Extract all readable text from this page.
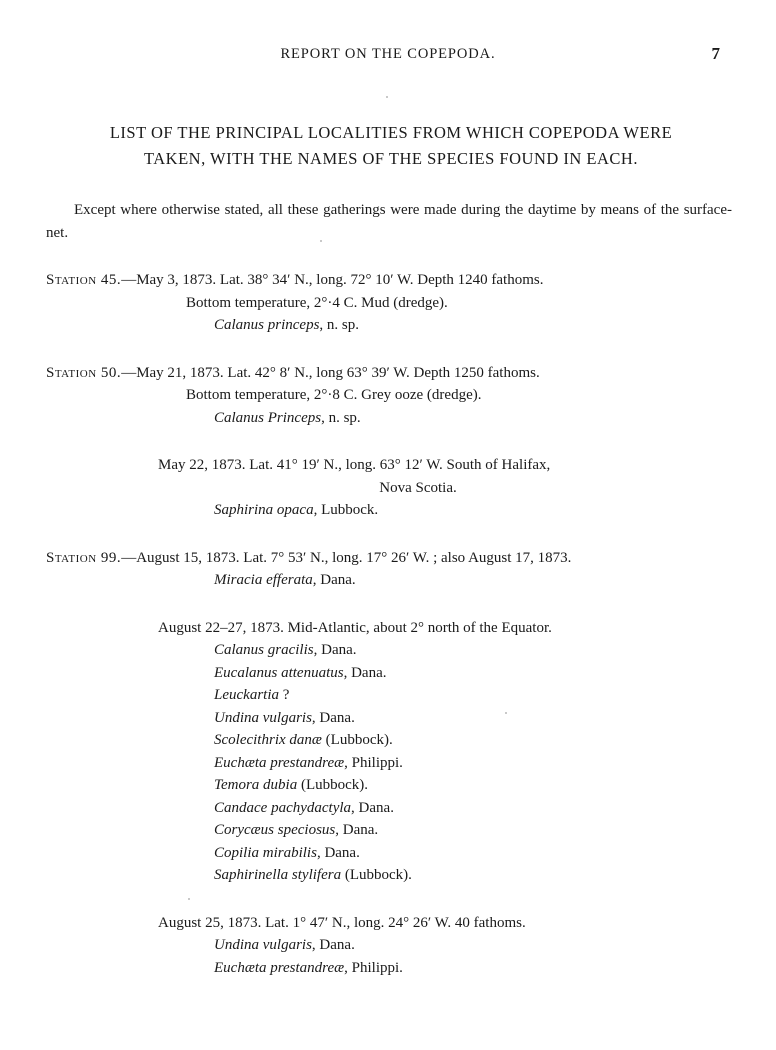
REPORT ON THE COPEPODA.	7
LIST OF THE PRINCIPAL LOCALITIES FROM WHICH COPEPODA WERE
TAKEN, WITH THE NAMES OF THE SPECIES FOUND IN EACH.

Except where otherwise stated, all these gatherings were made during the daytime by means of the surface-net.

Station 45.—May 3, 1873. Lat. 38° 34′ N., long. 72° 10′ W. Depth 1240 fathoms.

Bottom temperature, 2°·4 C. Mud (dredge).

Calanus princeps, n. sp.

Station 50.—May 21, 1873. Lat. 42° 8′ N., long 63° 39′ W. Depth 1250 fathoms.

Bottom temperature, 2°·8 C. Grey ooze (dredge).

Calanus Princeps, n. sp.

May 22, 1873. Lat. 41° 19′ N., long. 63° 12′ W. South of Halifax,

Nova Scotia.

Saphirina opaca, Lubbock.

Station 99.—August 15, 1873. Lat. 7° 53′ N., long. 17° 26′ W. ; also August 17, 1873.

Miracia efferata, Dana.

August 22–27, 1873. Mid-Atlantic, about 2° north of the Equator.

Calanus gracilis, Dana.

Eucalanus attenuatus, Dana.

Leuckartia ?

Undina vulgaris, Dana.

Scolecithrix danæ (Lubbock).

Euchæta prestandreæ, Philippi.

Temora dubia (Lubbock).

Candace pachydactyla, Dana.

Corycæus speciosus, Dana.

Copilia mirabilis, Dana.

Saphirinella stylifera (Lubbock).

August 25, 1873. Lat. 1° 47′ N., long. 24° 26′ W. 40 fathoms.

Undina vulgaris, Dana.

Euchæta prestandreæ, Philippi.
